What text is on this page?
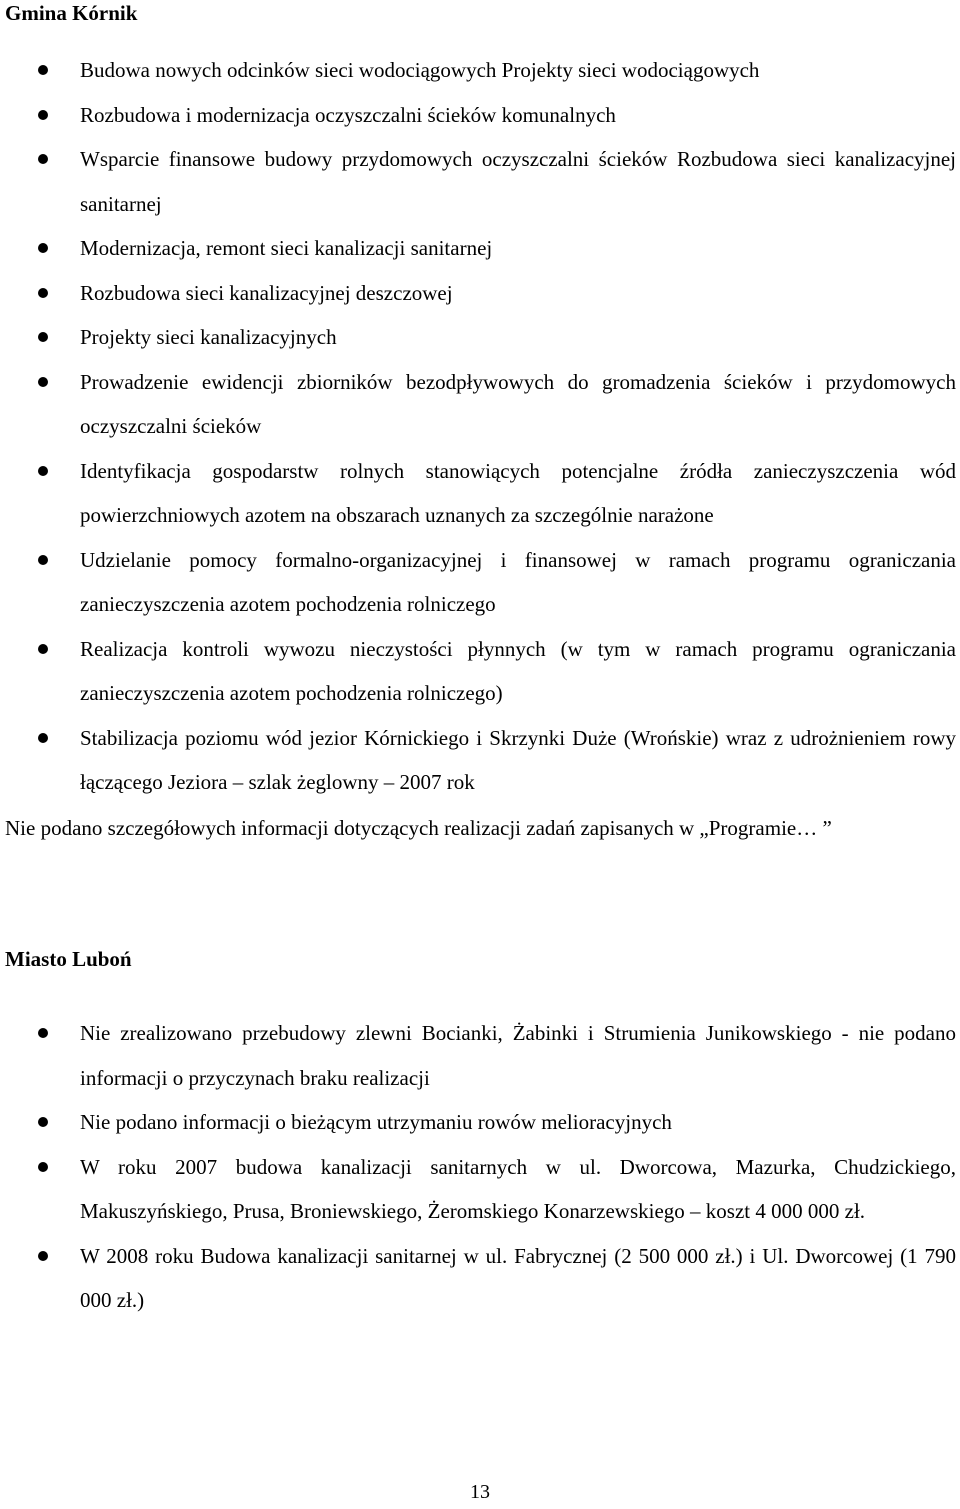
Gmina Kórnik
Budowa nowych odcinków sieci wodociągowych Projekty sieci wodociągowych
Rozbudowa i modernizacja oczyszczalni ścieków komunalnych
Wsparcie finansowe budowy przydomowych oczyszczalni ścieków Rozbudowa sieci kanalizacyjnej sanitarnej
Modernizacja, remont sieci kanalizacji sanitarnej
Rozbudowa sieci kanalizacyjnej deszczowej
Projekty sieci kanalizacyjnych
Prowadzenie ewidencji zbiorników bezodpływowych do gromadzenia ścieków i przydomowych oczyszczalni ścieków
Identyfikacja gospodarstw rolnych stanowiących potencjalne źródła zanieczyszczenia wód powierzchniowych azotem na obszarach uznanych za szczególnie narażone
Udzielanie pomocy formalno-organizacyjnej i finansowej w ramach programu ograniczania zanieczyszczenia azotem pochodzenia rolniczego
Realizacja kontroli wywozu nieczystości płynnych (w tym w ramach programu ograniczania zanieczyszczenia azotem pochodzenia rolniczego)
Stabilizacja poziomu wód jezior Kórnickiego i Skrzynki Duże (Wrońskie) wraz z udrożnieniem rowy łączącego Jeziora – szlak żeglowny – 2007 rok

Nie podano szczegółowych informacji dotyczących realizacji zadań zapisanych w „Programie… ”

Miasto Luboń
Nie zrealizowano przebudowy zlewni Bocianki, Żabinki i Strumienia Junikowskiego - nie podano informacji o przyczynach braku realizacji
Nie podano informacji o bieżącym utrzymaniu rowów melioracyjnych
W roku 2007 budowa kanalizacji sanitarnych w ul. Dworcowa, Mazurka, Chudzickiego, Makuszyńskiego, Prusa, Broniewskiego, Żeromskiego Konarzewskiego – koszt 4 000 000 zł.
W 2008 roku Budowa kanalizacji sanitarnej w ul. Fabrycznej (2 500 000 zł.) i Ul. Dworcowej (1 790 000 zł.)

13
